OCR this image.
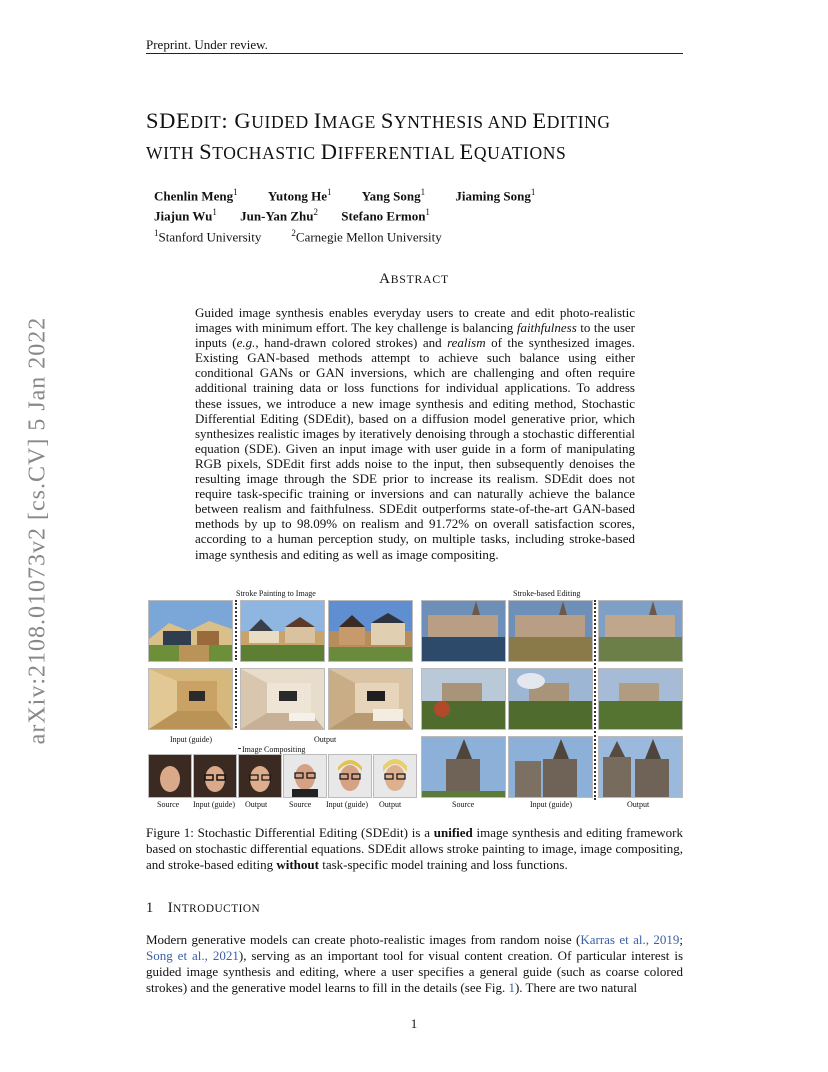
Preprint. Under review.
arXiv:2108.01073v2 [cs.CV] 5 Jan 2022
SDEDIT: GUIDED IMAGE SYNTHESIS AND EDITING
WITH STOCHASTIC DIFFERENTIAL EQUATIONS
Chenlin Meng$^1$ Yutong He$^1$ Yang Song$^1$ Jiaming Song$^1$
Jiajun Wu$^1$ Jun-Yan Zhu$^2$ Stefano Ermon$^1$
$^1$Stanford University	$^2$Carnegie Mellon University
ABSTRACT
Guided image synthesis enables everyday users to create and edit photo-realistic images with minimum effort. The key challenge is balancing faithfulness to the user inputs (e.g., hand-drawn colored strokes) and realism of the synthesized images. Existing GAN-based methods attempt to achieve such balance using either conditional GANs or GAN inversions, which are challenging and often require additional training data or loss functions for individual applications. To address these issues, we introduce a new image synthesis and editing method, Stochastic Differential Editing (SDEdit), based on a diffusion model generative prior, which synthesizes realistic images by iteratively denoising through a stochastic differential equation (SDE). Given an input image with user guide in a form of manipulating RGB pixels, SDEdit first adds noise to the input, then subsequently denoises the resulting image through the SDE prior to increase its realism. SDEdit does not require task-specific training or inversions and can naturally achieve the balance between realism and faithfulness. SDEdit outperforms state-of-the-art GAN-based methods by up to 98.09% on realism and 91.72% on overall satisfaction scores, according to a human perception study, on multiple tasks, including stroke-based image synthesis and editing as well as image compositing.
Stroke Painting to Image	Stroke-based Editing
Input (guide)	Output
Image Compositing
Source Input (guide) Output	Source Input (guide) Output	Source	Input (guide)	Output
Figure 1: Stochastic Differential Editing (SDEdit) is a unified image synthesis and editing framework based on stochastic differential equations. SDEdit allows stroke painting to image, image compositing, and stroke-based editing without task-specific model training and loss functions.
1 INTRODUCTION
Modern generative models can create photo-realistic images from random noise (Karras et al., 2019; Song et al., 2021), serving as an important tool for visual content creation. Of particular interest is guided image synthesis and editing, where a user specifies a general guide (such as coarse colored strokes) and the generative model learns to fill in the details (see Fig. 1). There are two natural
1
